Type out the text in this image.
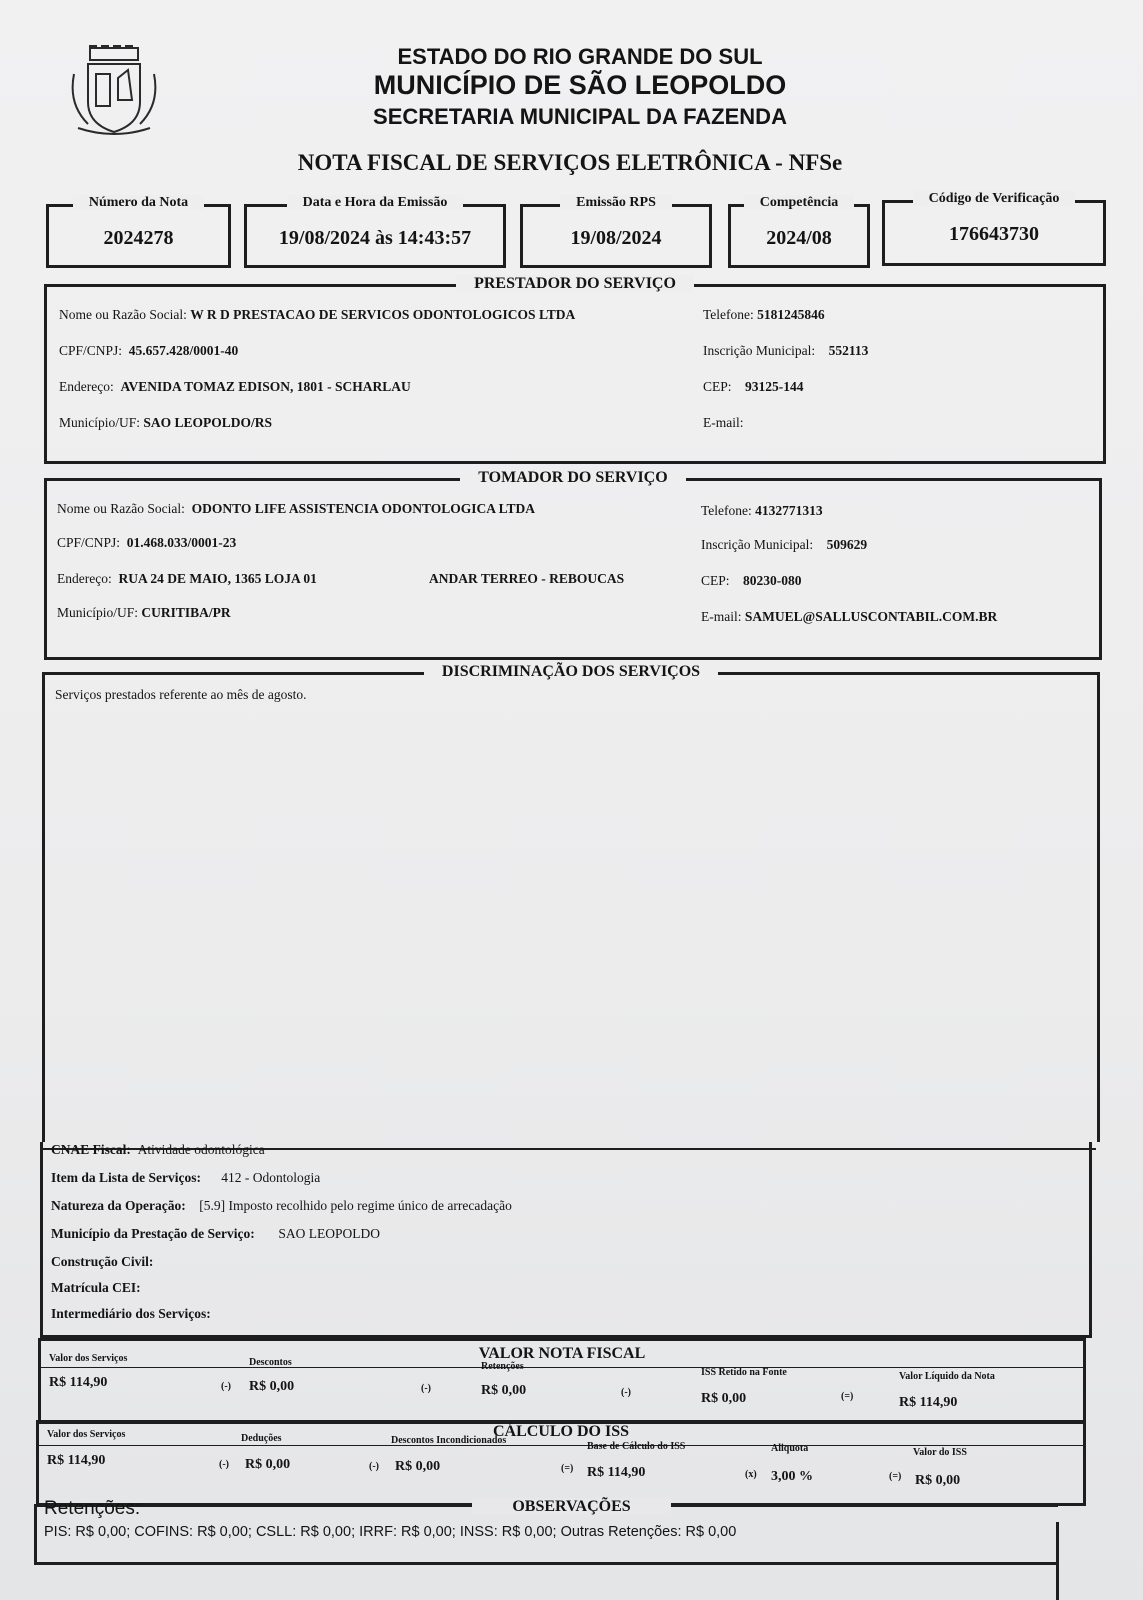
ESTADO DO RIO GRANDE DO SUL
MUNICÍPIO DE SÃO LEOPOLDO
SECRETARIA MUNICIPAL DA FAZENDA
NOTA FISCAL DE SERVIÇOS ELETRÔNICA - NFSe
Número da Nota
2024278
Data e Hora da Emissão
19/08/2024 às 14:43:57
Emissão RPS
19/08/2024
Competência
2024/08
Código de Verificação
176643730
PRESTADOR DO SERVIÇO
Nome ou Razão Social: W R D PRESTACAO DE SERVICOS ODONTOLOGICOS LTDA
CPF/CNPJ: 45.657.428/0001-40
Endereço: AVENIDA TOMAZ EDISON, 1801 - SCHARLAU
Município/UF: SAO LEOPOLDO/RS
Telefone: 5181245846
Inscrição Municipal: 552113
CEP: 93125-144
E-mail:
TOMADOR DO SERVIÇO
Nome ou Razão Social: ODONTO LIFE ASSISTENCIA ODONTOLOGICA LTDA
CPF/CNPJ: 01.468.033/0001-23
Endereço: RUA 24 DE MAIO, 1365 LOJA 01	ANDAR TERREO - REBOUCAS
Município/UF: CURITIBA/PR
Telefone: 4132771313
Inscrição Municipal: 509629
CEP: 80230-080
E-mail: SAMUEL@SALLUSCONTABIL.COM.BR
DISCRIMINAÇÃO DOS SERVIÇOS
Serviços prestados referente ao mês de agosto.
CNAE Fiscal: Atividade odontológica
Item da Lista de Serviços: 412 - Odontologia
Natureza da Operação: [5.9] Imposto recolhido pelo regime único de arrecadação
Município da Prestação de Serviço: SAO LEOPOLDO
Construção Civil:
Matrícula CEI:
Intermediário dos Serviços:
VALOR NOTA FISCAL
Valor dos Serviços
R$ 114,90	(-)
Descontos
R$ 0,00	(-)
Retenções
R$ 0,00	(-)
ISS Retido na Fonte
R$ 0,00	(=)
Valor Líquido da Nota
R$ 114,90
CÁLCULO DO ISS
Valor dos Serviços
R$ 114,90	(-)
Deduções
R$ 0,00	(-)
Descontos Incondicionados
R$ 0,00	(=)
Base de Cálculo do ISS
R$ 114,90	(x)
Aliquota
3,00 %	(=)
Valor do ISS
R$ 0,00
OBSERVAÇÕES
Retenções:
PIS: R$ 0,00; COFINS: R$ 0,00; CSLL: R$ 0,00; IRRF: R$ 0,00; INSS: R$ 0,00; Outras Retenções: R$ 0,00
